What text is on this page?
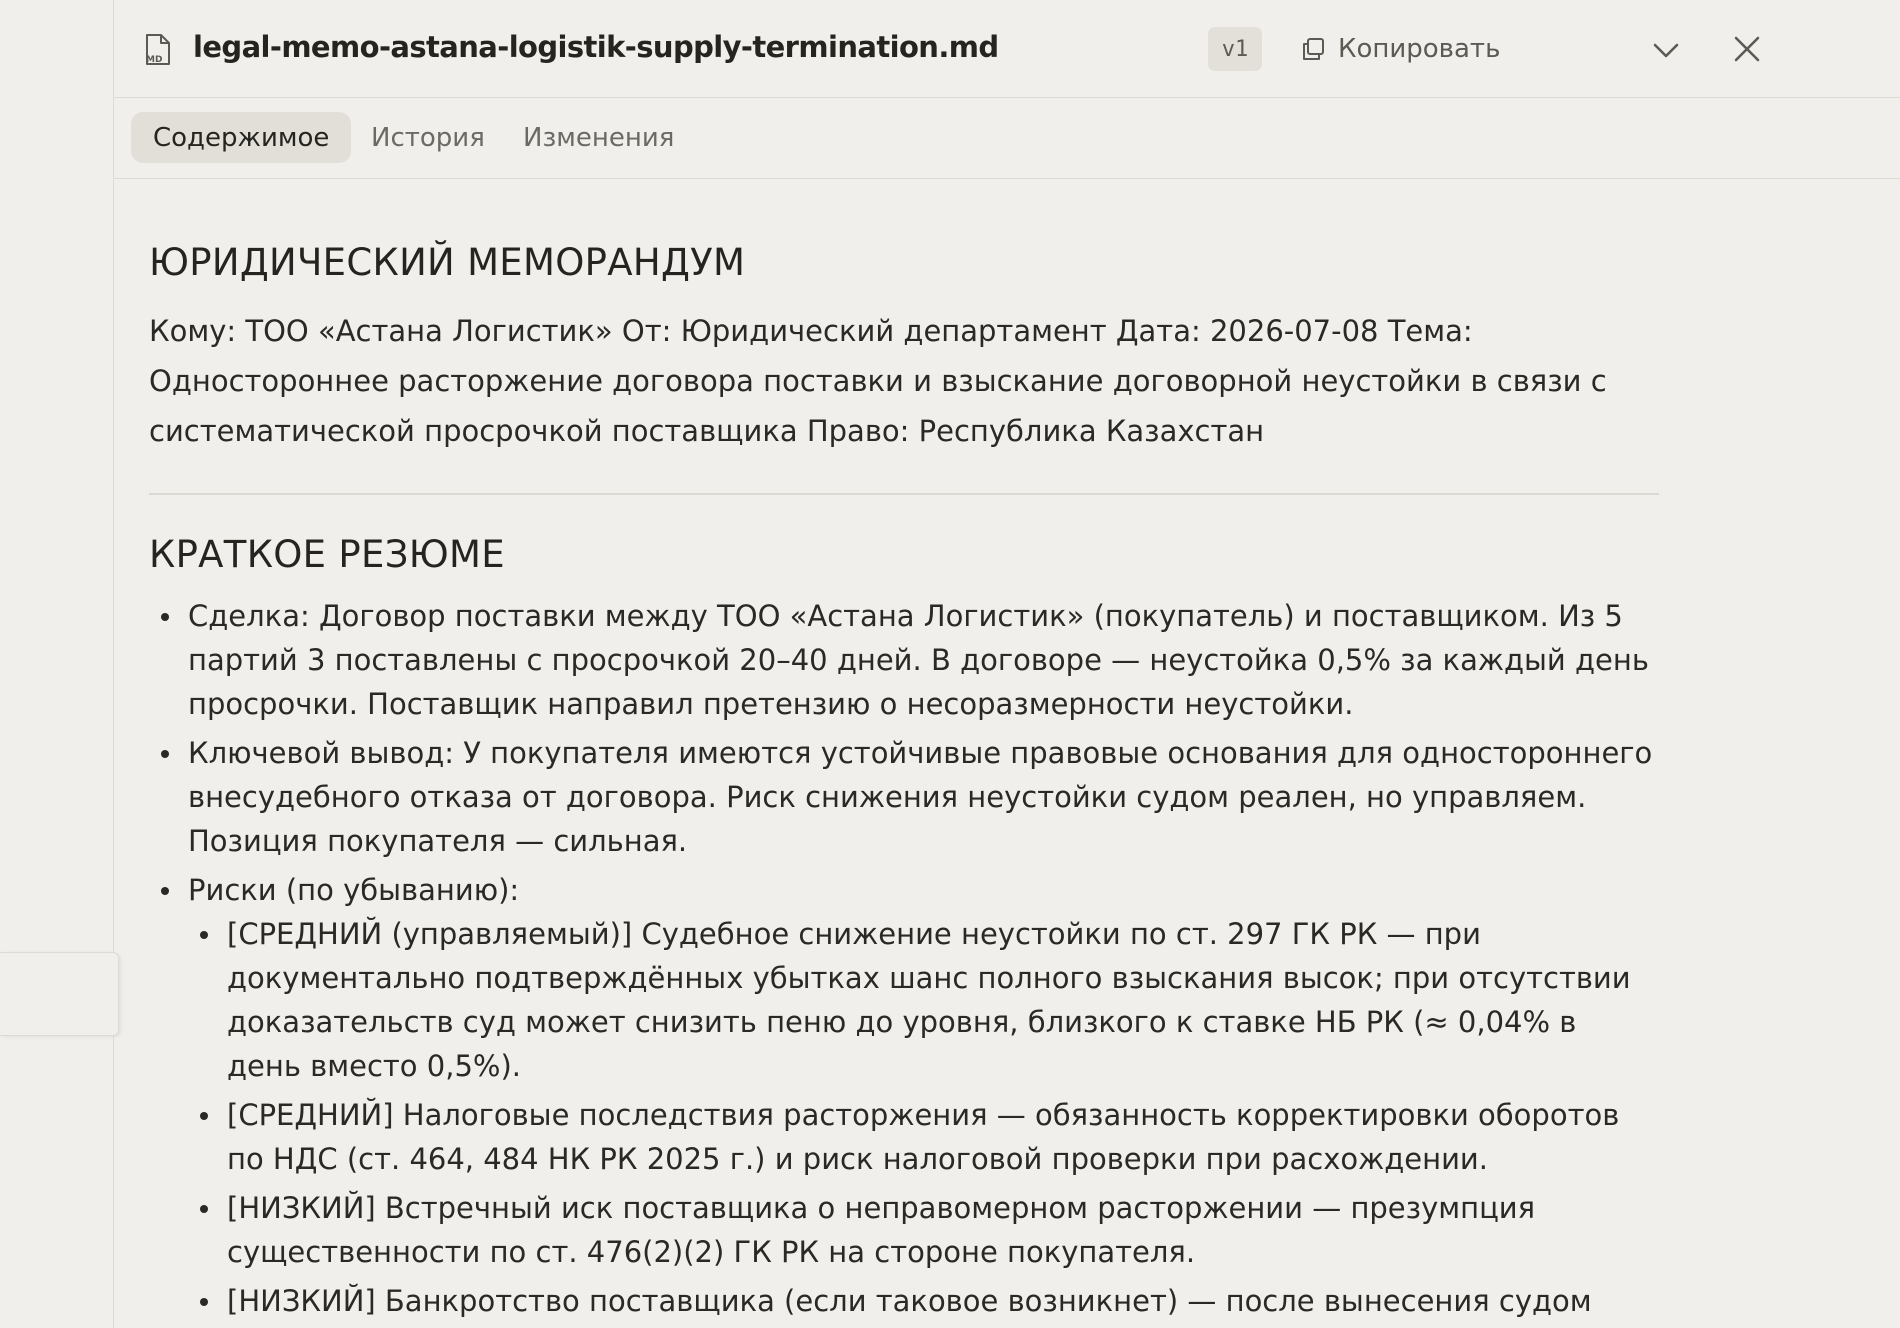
MD legal-memo-astana-logistik-supply-termination.md	v1	Копировать
Содержимое	История	Изменения
ЮРИДИЧЕСКИЙ МЕМОРАНДУМ

Кому: ТОО «Астана Логистик» От: Юридический департамент Дата: 2026-07-08 Тема: Одностороннее расторжение договора поставки и взыскание договорной неустойки в связи с систематической просрочкой поставщика Право: Республика Казахстан

КРАТКОЕ РЕЗЮМЕ
Сделка: Договор поставки между ТОО «Астана Логистик» (покупатель) и поставщиком. Из 5 партий 3 поставлены с просрочкой 20–40 дней. В договоре — неустойка 0,5% за каждый день просрочки. Поставщик направил претензию о несоразмерности неустойки.
Ключевой вывод: У покупателя имеются устойчивые правовые основания для одностороннего внесудебного отказа от договора. Риск снижения неустойки судом реален, но управляем. Позиция покупателя — сильная.
Риски (по убыванию):
[СРЕДНИЙ (управляемый)] Судебное снижение неустойки по ст. 297 ГК РК — при документально подтверждённых убытках шанс полного взыскания высок; при отсутствии доказательств суд может снизить пеню до уровня, близкого к ставке НБ РК (≈ 0,04% в день вместо 0,5%).
[СРЕДНИЙ] Налоговые последствия расторжения — обязанность корректировки оборотов по НДС (ст. 464, 484 НК РК 2025 г.) и риск налоговой проверки при расхождении.
[НИЗКИЙ] Встречный иск поставщика о неправомерном расторжении — презумпция существенности по ст. 476(2)(2) ГК РК на стороне покупателя.
[НИЗКИЙ] Банкротство поставщика (если таковое возникнет) — после вынесения судом
